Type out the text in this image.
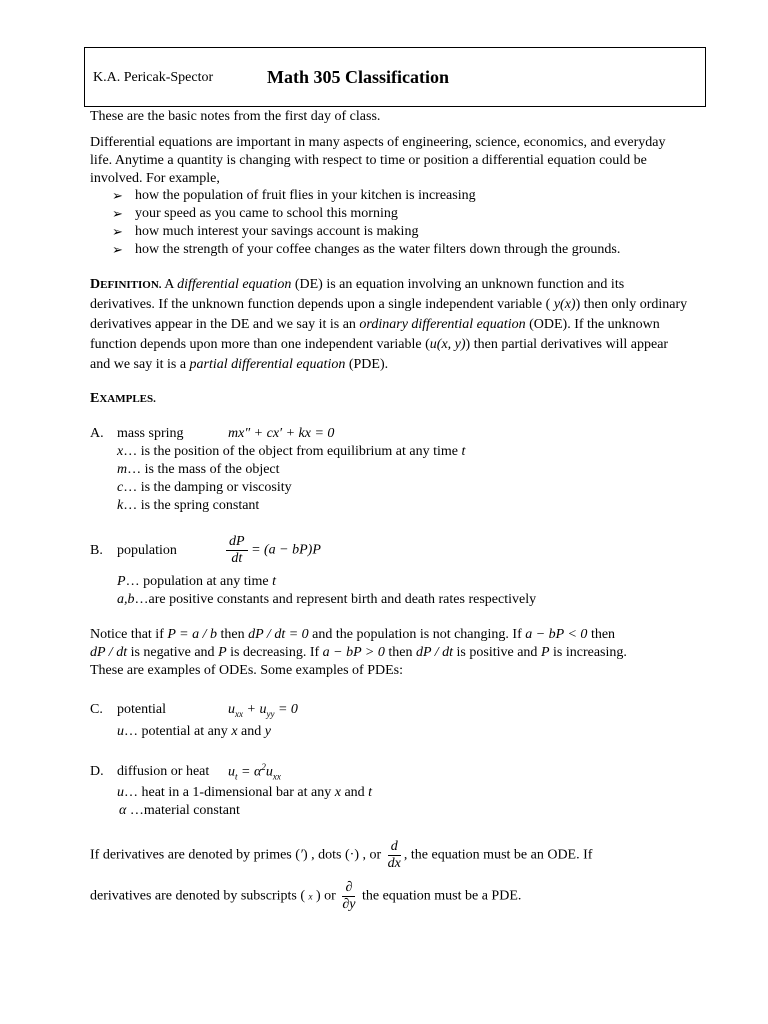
K.A. Pericak-Spector	Math 305 Classification
These are the basic notes from the first day of class.
Differential equations are important in many aspects of engineering, science, economics, and everyday life. Anytime a quantity is changing with respect to time or position a differential equation could be involved. For example,
➢ how the population of fruit flies in your kitchen is increasing
➢ your speed as you came to school this morning
➢ how much interest your savings account is making
➢ how the strength of your coffee changes as the water filters down through the grounds.
DEFINITION. A differential equation (DE) is an equation involving an unknown function and its derivatives. If the unknown function depends upon a single independent variable ( y(x)) then only ordinary derivatives appear in the DE and we say it is an ordinary differential equation (ODE). If the unknown function depends upon more than one independent variable (u(x, y)) then partial derivatives will appear and we say it is a partial differential equation (PDE).
EXAMPLES.
A. mass spring	mx″ + cx′ + kx = 0
x… is the position of the object from equilibrium at any time t
m… is the mass of the object
c… is the damping or viscosity
k… is the spring constant
B. population	$\frac{dP}{dt} = (a - bP)P$
P… population at any time t
a,b…are positive constants and represent birth and death rates respectively
Notice that if P = a / b then dP / dt = 0 and the population is not changing. If a − bP < 0 then
dP / dt is negative and P is decreasing. If a − bP > 0 then dP / dt is positive and P is increasing.
These are examples of ODEs. Some examples of PDEs:
C. potential	$u_{xx} + u_{yy} = 0$
u… potential at any x and y
D. diffusion or heat $u_t = \alpha^2u_{xx}$
u… heat in a 1-dimensional bar at any x and t
α …material constant
If derivatives are denoted by primes (′) , dots (·) , or $\frac{d}{dx}$ , the equation must be an ODE. If
derivatives are denoted by subscripts ( x ) or $\frac{\partial}{\partial y}$ the equation must be a PDE.
